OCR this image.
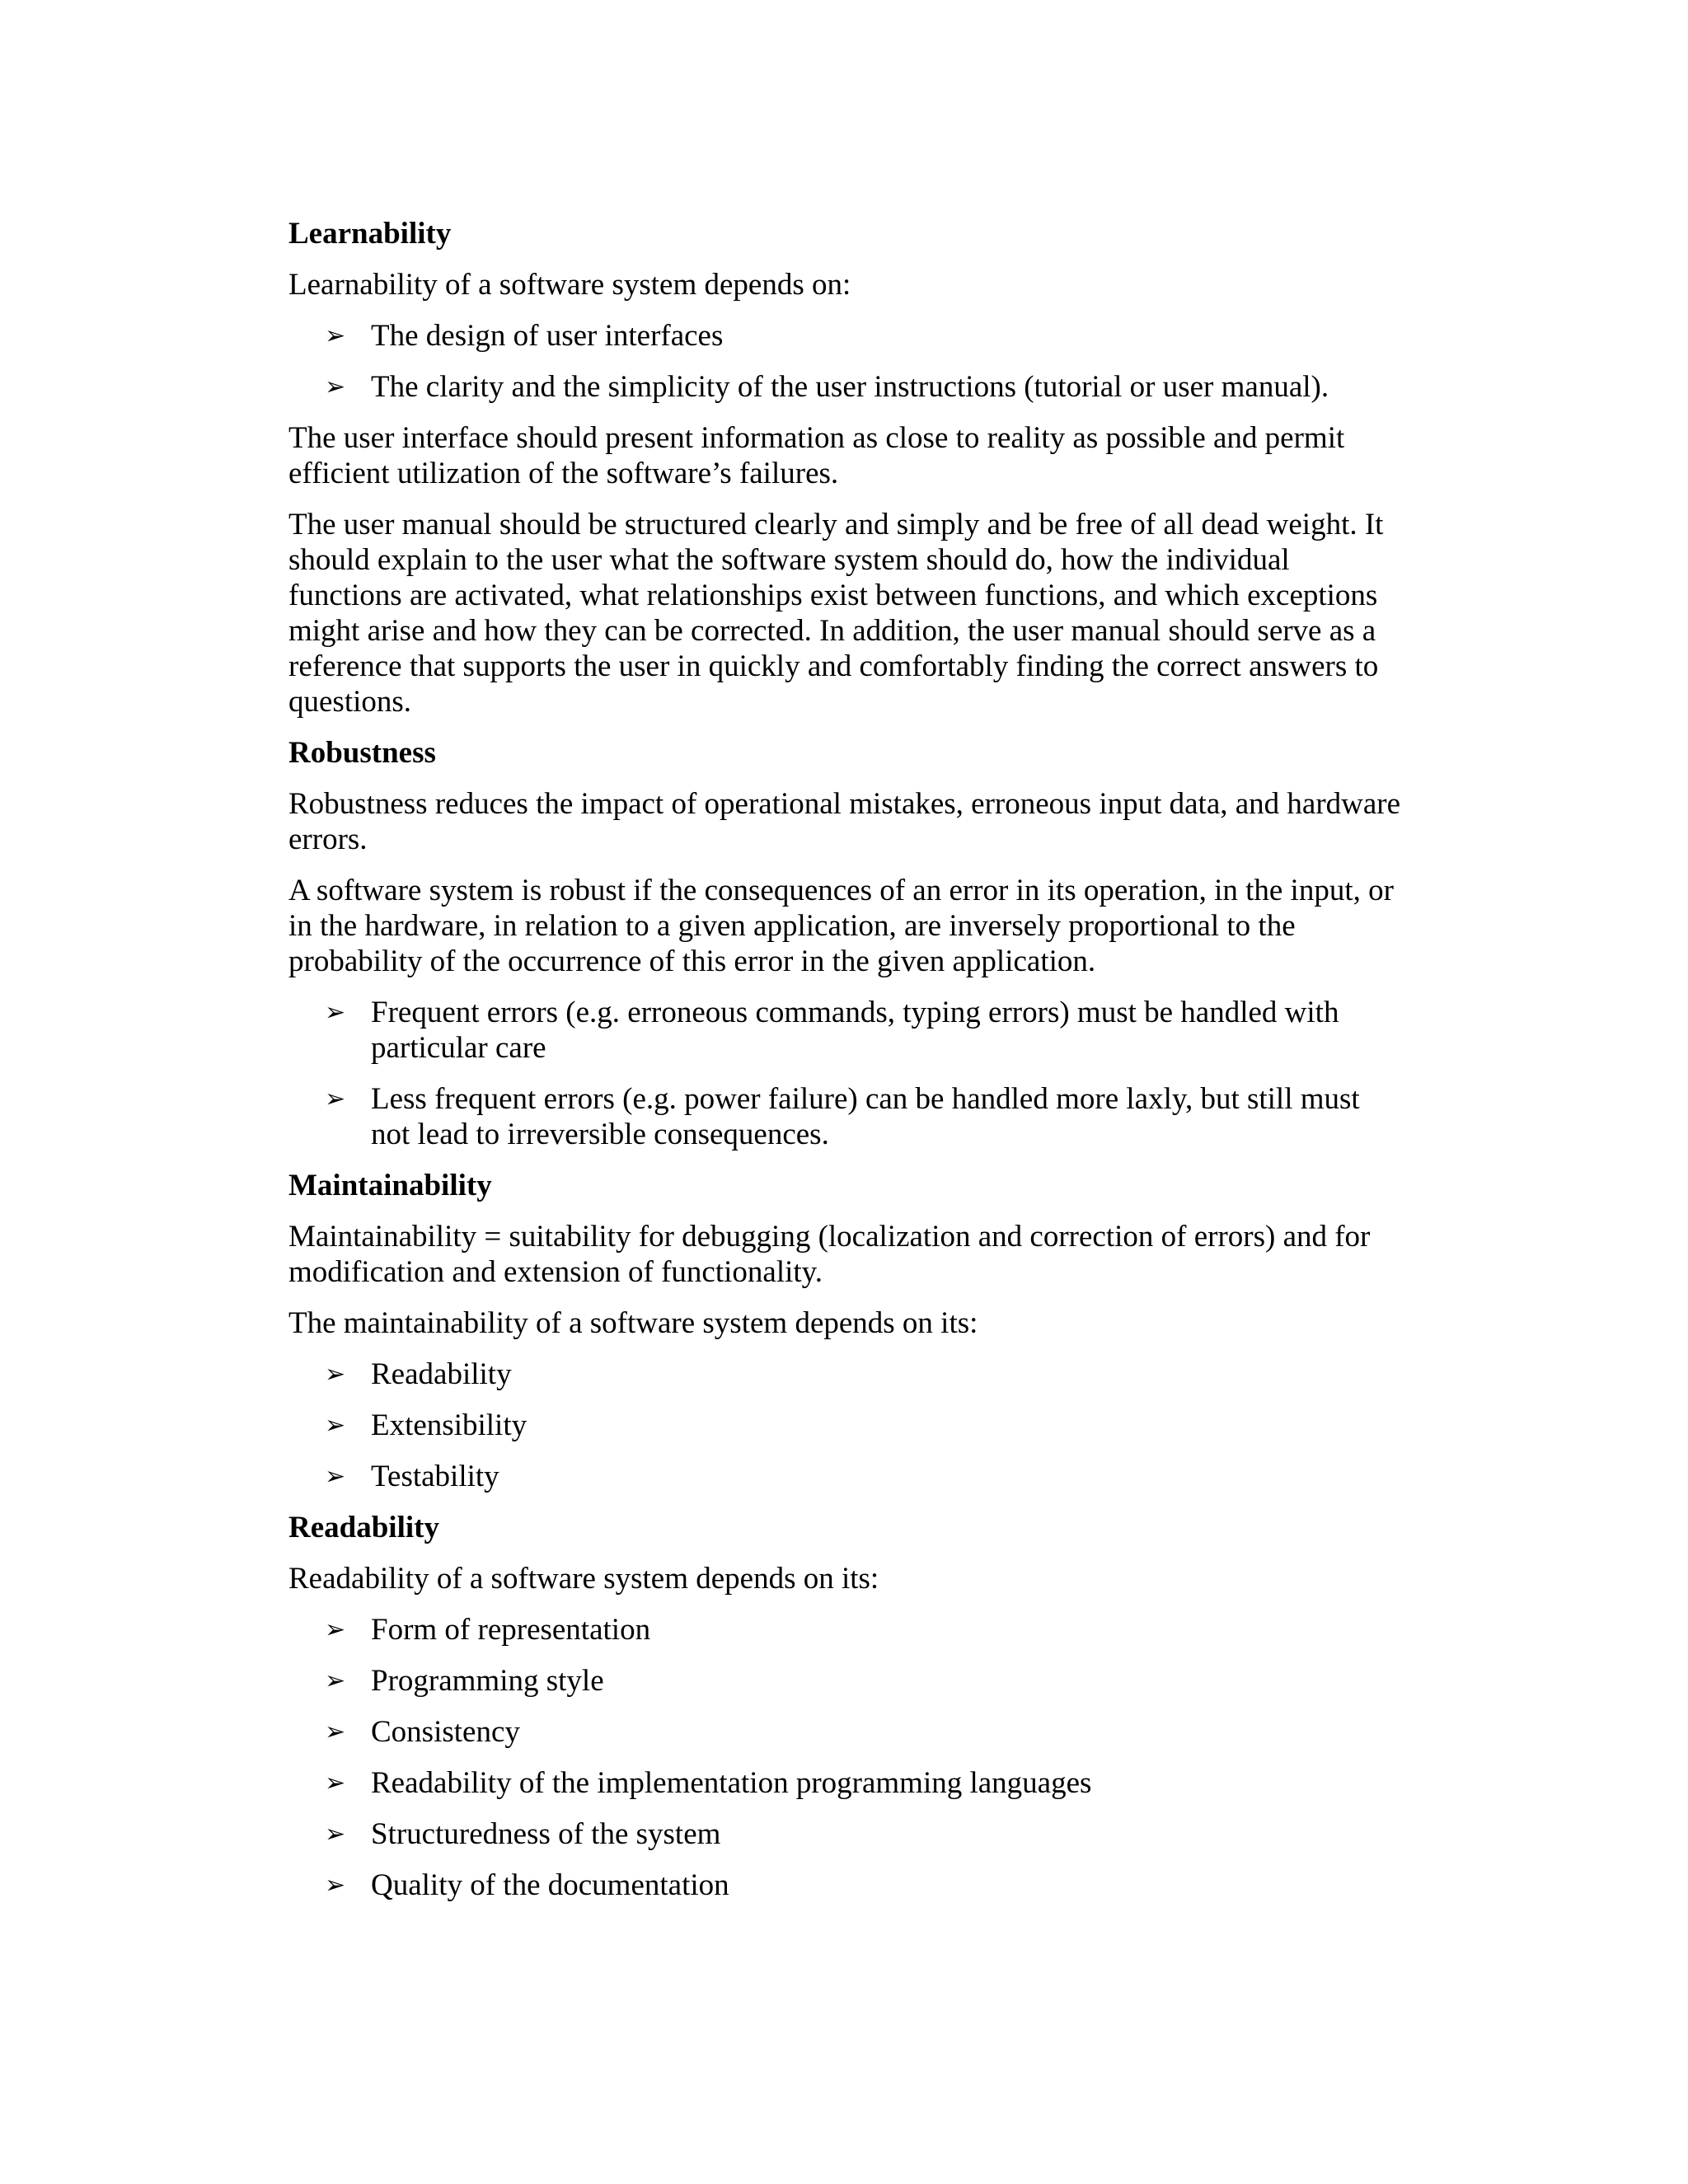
Learnability
Learnability of a software system depends on:
➢ The design of user interfaces
➢ The clarity and the simplicity of the user instructions (tutorial or user manual).
The user interface should present information as close to reality as possible and permit efficient utilization of the software’s failures.
The user manual should be structured clearly and simply and be free of all dead weight. It should explain to the user what the software system should do, how the individual functions are activated, what relationships exist between functions, and which exceptions might arise and how they can be corrected. In addition, the user manual should serve as a reference that supports the user in quickly and comfortably finding the correct answers to questions.
Robustness
Robustness reduces the impact of operational mistakes, erroneous input data, and hardware errors.
A software system is robust if the consequences of an error in its operation, in the input, or in the hardware, in relation to a given application, are inversely proportional to the probability of the occurrence of this error in the given application.
➢ Frequent errors (e.g. erroneous commands, typing errors) must be handled with particular care
➢ Less frequent errors (e.g. power failure) can be handled more laxly, but still must not lead to irreversible consequences.
Maintainability
Maintainability = suitability for debugging (localization and correction of errors) and for modification and extension of functionality.
The maintainability of a software system depends on its:
➢ Readability
➢ Extensibility
➢ Testability
Readability
Readability of a software system depends on its:
➢ Form of representation
➢ Programming style
➢ Consistency
➢ Readability of the implementation programming languages
➢ Structuredness of the system
➢ Quality of the documentation
